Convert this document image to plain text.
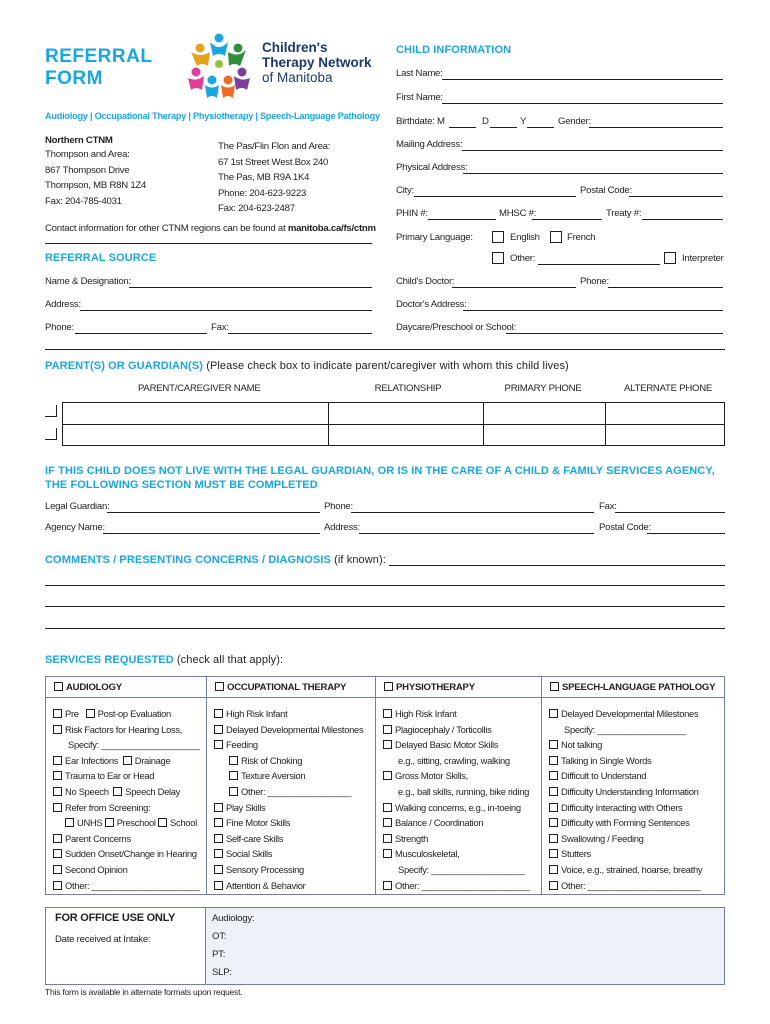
REFERRAL
FORM
Children's
Therapy Network
of Manitoba
Audiology | Occupational Therapy | Physiotherapy | Speech-Language Pathology
Northern CTNM
Thompson and Area:
867 Thompson Drive
Thompson, MB R8N 1Z4
Fax: 204-785-4031
The Pas/Flin Flon and Area:
67 1st Street West Box 240
The Pas, MB R9A 1K4
Phone: 204-623-9223
Fax: 204-623-2487
Contact information for other CTNM regions can be found at manitoba.ca/fs/ctnm
CHILD INFORMATION
Last Name:
First Name:
Birthdate: M	D	Y	Gender:
Mailing Address:
Physical Address:
City:	Postal Code:
PHIN #:	MHSC #:	Treaty #:
Primary Language:	English	French
Other:	Interpreter
Child's Doctor:	Phone:
Doctor's Address:
Daycare/Preschool or School:
REFERRAL SOURCE
Name & Designation:
Address:
Phone:	Fax:
PARENT(S) OR GUARDIAN(S) (Please check box to indicate parent/caregiver with whom this child lives)
PARENT/CAREGIVER NAME	RELATIONSHIP	PRIMARY PHONE	ALTERNATE PHONE
IF THIS CHILD DOES NOT LIVE WITH THE LEGAL GUARDIAN, OR IS IN THE CARE OF A CHILD & FAMILY SERVICES AGENCY,
THE FOLLOWING SECTION MUST BE COMPLETED
Legal Guardian:	Phone:	Fax:
Agency Name:	Address:	Postal Code:
COMMENTS / PRESENTING CONCERNS / DIAGNOSIS (if known):
SERVICES REQUESTED (check all that apply):
AUDIOLOGY
Pre Post-op Evaluation
Risk Factors for Hearing Loss,
Specify: ____________________
Ear Infections Drainage
Trauma to Ear or Head
No Speech Speech Delay
Refer from Screening:
UNHS Preschool School
Parent Concerns
Sudden Onset/Change in Hearing
Second Opinion
Other: ______________________
OCCUPATIONAL THERAPY
High Risk Infant
Delayed Developmental Milestones
Feeding
Risk of Choking
Texture Aversion
Other: _________________
Play Skills
Fine Motor Skills
Self-care Skills
Social Skills
Sensory Processing
Attention & Behavior
PHYSIOTHERAPY
High Risk Infant
Plagiocephaly / Torticollis
Delayed Basic Motor Skills
e.g., sitting, crawling, walking
Gross Motor Skills,
e.g., ball skills, running, bike riding
Walking concerns, e.g., in-toeing
Balance / Coordination
Strength
Musculoskeletal,
Specify: ___________________
Other: ______________________
SPEECH-LANGUAGE PATHOLOGY
Delayed Developmental Milestones
Specify: __________________
Not talking
Talking in Single Words
Difficult to Understand
Difficulty Understanding Information
Difficulty Interacting with Others
Difficulty with Forming Sentences
Swallowing / Feeding
Stutters
Voice, e.g., strained, hoarse, breathy
Other: _______________________
FOR OFFICE USE ONLY
Date received at Intake:
Audiology:
OT:
PT:
SLP:
This form is available in alternate formats upon request.
